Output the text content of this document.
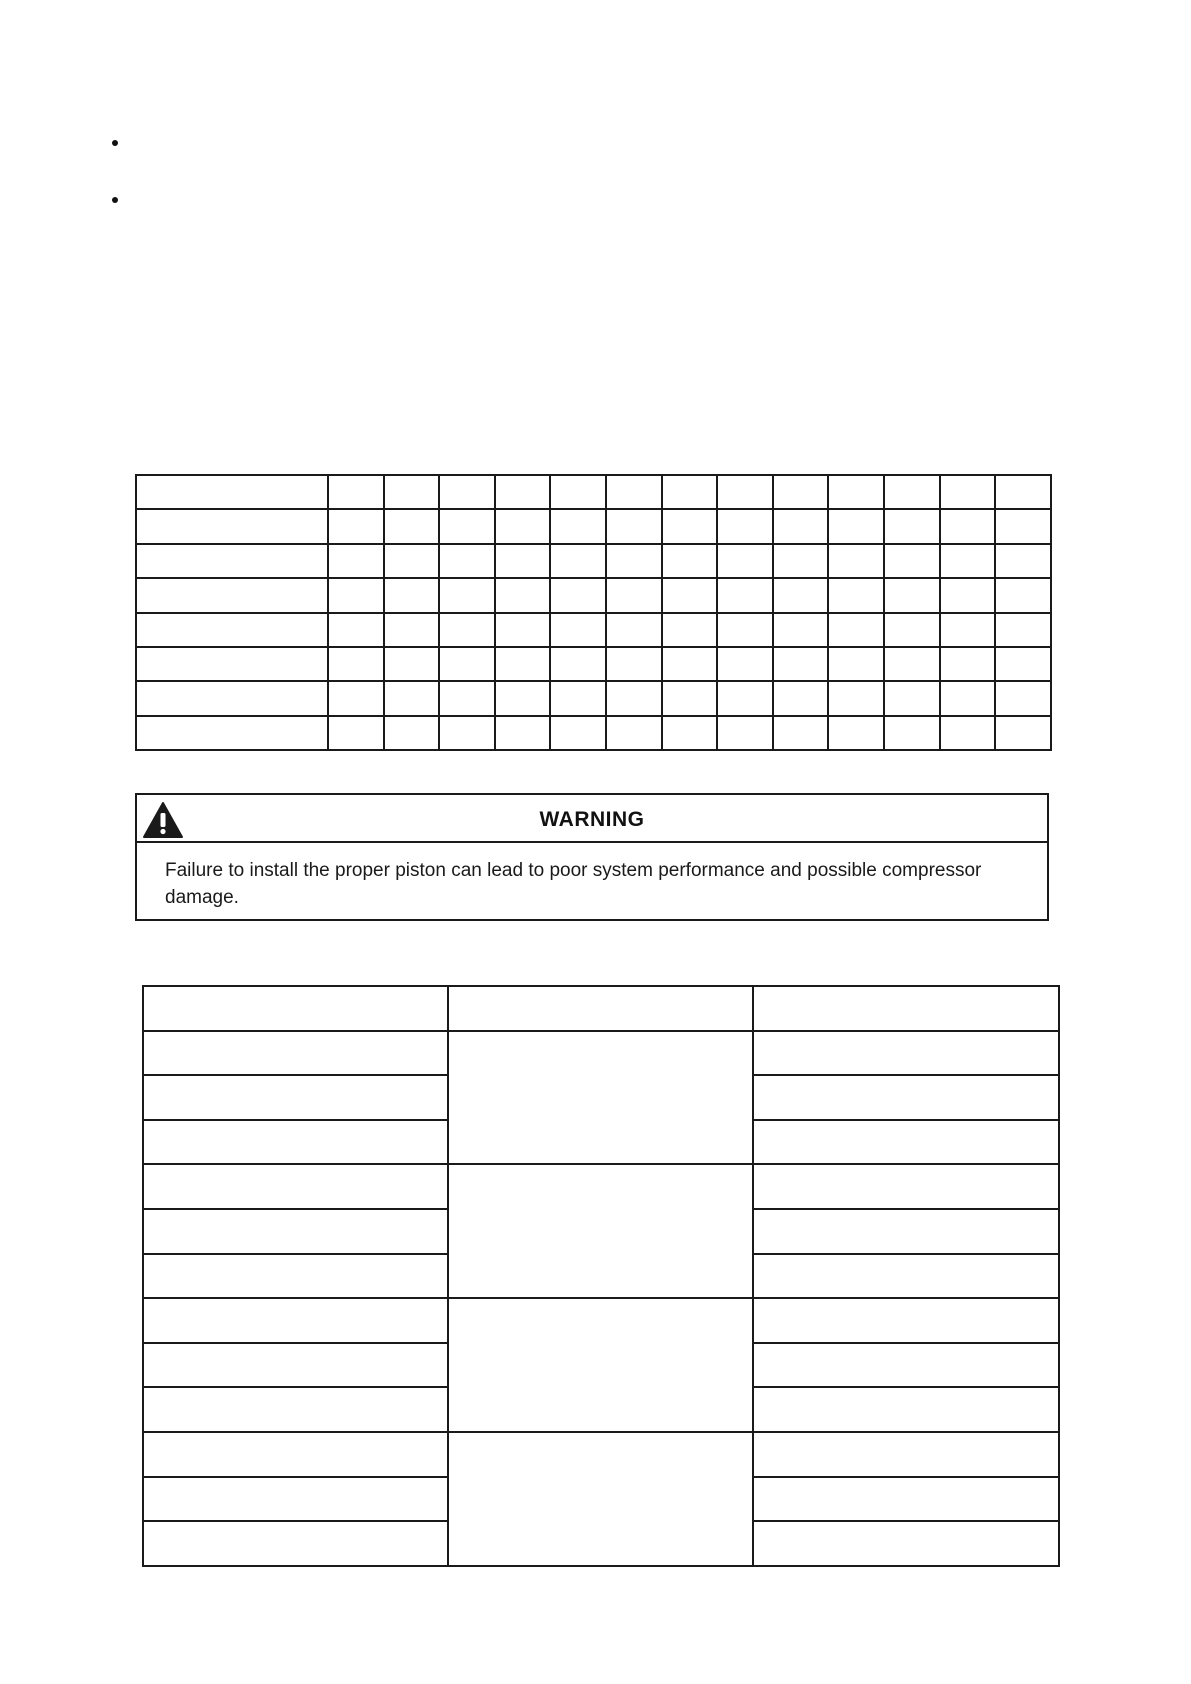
WARNING
Failure to install the proper piston can lead to poor system performance and possible compressor damage.
